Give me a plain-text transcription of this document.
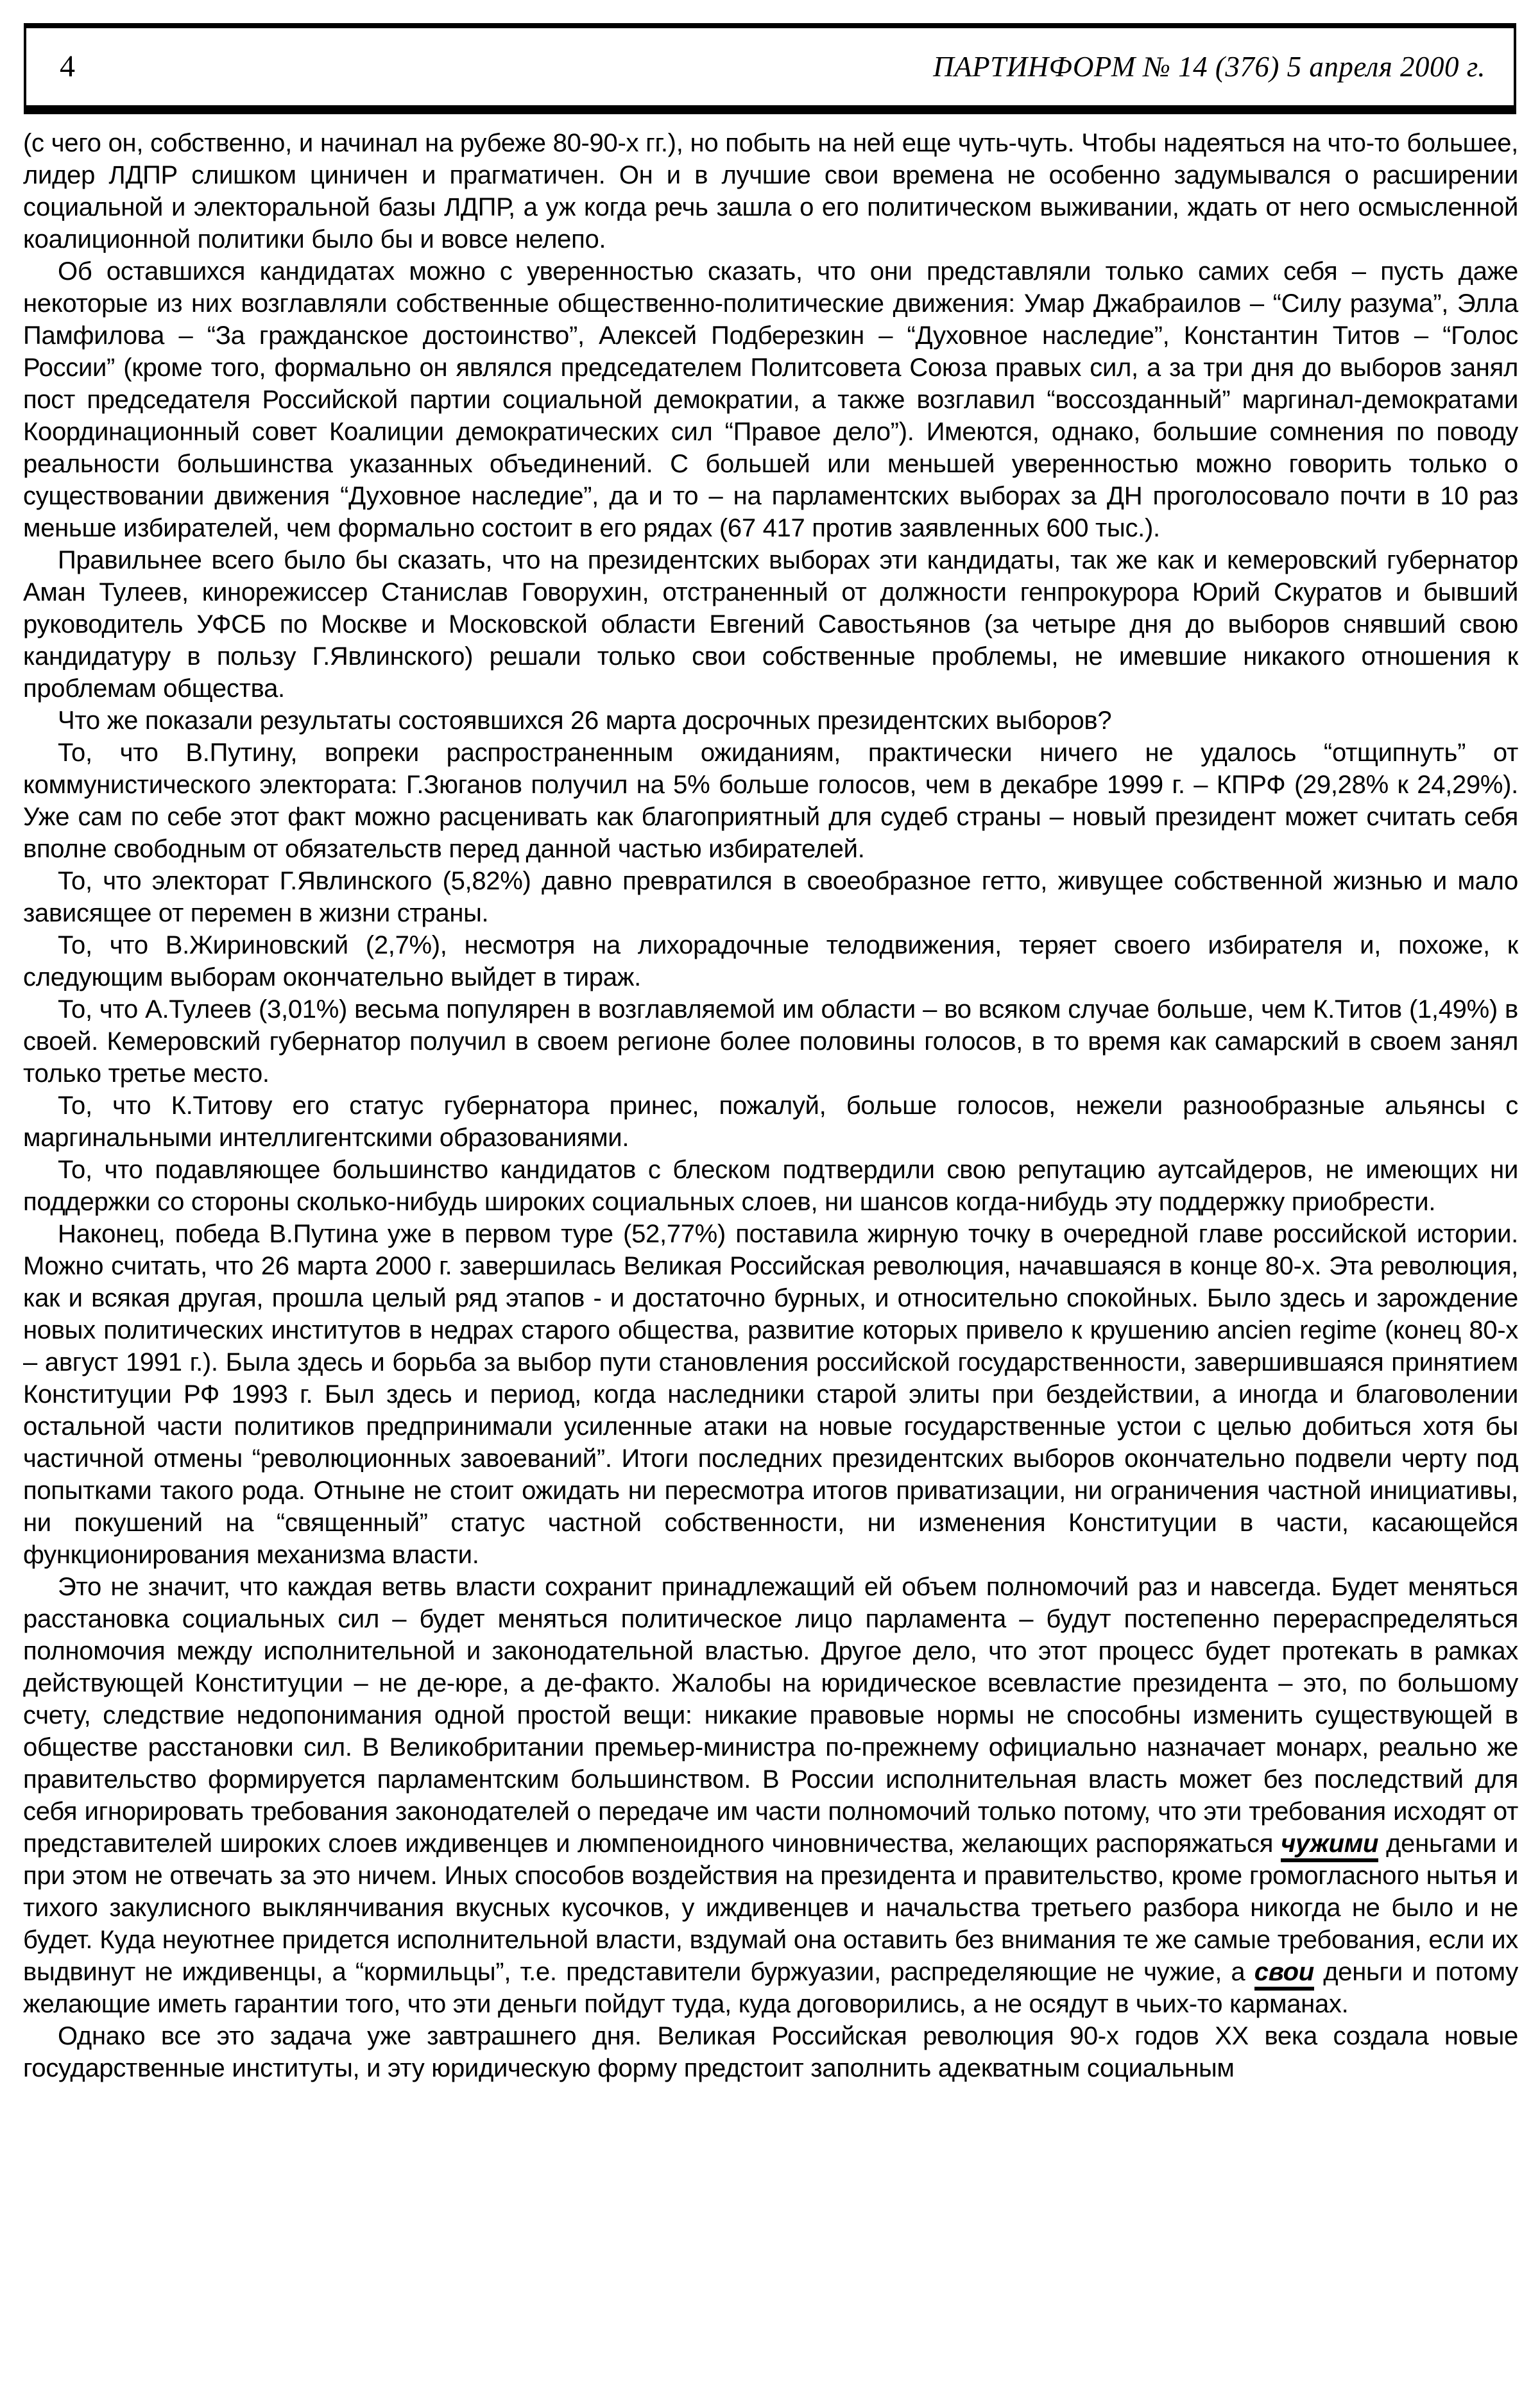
4	ПАРТИНФОРМ № 14 (376) 5 апреля 2000 г.

(с чего он, собственно, и начинал на рубеже 80-90-х гг.), но побыть на ней еще чуть-чуть. Чтобы надеяться на что-то большее, лидер ЛДПР слишком циничен и прагматичен. Он и в лучшие свои времена не особенно задумывался о расширении социальной и электоральной базы ЛДПР, а уж когда речь зашла о его политическом выживании, ждать от него осмысленной коалиционной политики было бы и вовсе нелепо.

Об оставшихся кандидатах можно с уверенностью сказать, что они представляли только самих себя – пусть даже некоторые из них возглавляли собственные общественно-политические движения: Умар Джабраилов – “Силу разума”, Элла Памфилова – “За гражданское достоинство”, Алексей Подберезкин – “Духовное наследие”, Константин Титов – “Голос России” (кроме того, формально он являлся председателем Политсовета Союза правых сил, а за три дня до выборов занял пост председателя Российской партии социальной демократии, а также возглавил “воссозданный” маргинал-демократами Координационный совет Коалиции демократических сил “Правое дело”). Имеются, однако, большие сомнения по поводу реальности большинства указанных объединений. С большей или меньшей уверенностью можно говорить только о существовании движения “Духовное наследие”, да и то – на парламентских выборах за ДН проголосовало почти в 10 раз меньше избирателей, чем формально состоит в его рядах (67 417 против заявленных 600 тыс.).

Правильнее всего было бы сказать, что на президентских выборах эти кандидаты, так же как и кемеровский губернатор Аман Тулеев, кинорежиссер Станислав Говорухин, отстраненный от должности генпрокурора Юрий Скуратов и бывший руководитель УФСБ по Москве и Московской области Евгений Савостьянов (за четыре дня до выборов снявший свою кандидатуру в пользу Г.Явлинского) решали только свои собственные проблемы, не имевшие никакого отношения к проблемам общества.

Что же показали результаты состоявшихся 26 марта досрочных президентских выборов?

То, что В.Путину, вопреки распространенным ожиданиям, практически ничего не удалось “отщипнуть” от коммунистического электората: Г.Зюганов получил на 5% больше голосов, чем в декабре 1999 г. – КПРФ (29,28% к 24,29%). Уже сам по себе этот факт можно расценивать как благоприятный для судеб страны – новый президент может считать себя вполне свободным от обязательств перед данной частью избирателей.

То, что электорат Г.Явлинского (5,82%) давно превратился в своеобразное гетто, живущее собственной жизнью и мало зависящее от перемен в жизни страны.

То, что В.Жириновский (2,7%), несмотря на лихорадочные телодвижения, теряет своего избирателя и, похоже, к следующим выборам окончательно выйдет в тираж.

То, что А.Тулеев (3,01%) весьма популярен в возглавляемой им области – во всяком случае больше, чем К.Титов (1,49%) в своей. Кемеровский губернатор получил в своем регионе более половины голосов, в то время как самарский в своем занял только третье место.

То, что К.Титову его статус губернатора принес, пожалуй, больше голосов, нежели разнообразные альянсы с маргинальными интеллигентскими образованиями.

То, что подавляющее большинство кандидатов с блеском подтвердили свою репутацию аутсайдеров, не имеющих ни поддержки со стороны сколько-нибудь широких социальных слоев, ни шансов когда-нибудь эту поддержку приобрести.

Наконец, победа В.Путина уже в первом туре (52,77%) поставила жирную точку в очередной главе российской истории. Можно считать, что 26 марта 2000 г. завершилась Великая Российская революция, начавшаяся в конце 80-х. Эта революция, как и всякая другая, прошла целый ряд этапов - и достаточно бурных, и относительно спокойных. Было здесь и зарождение новых политических институтов в недрах старого общества, развитие которых привело к крушению ancien regime (конец 80-х – август 1991 г.). Была здесь и борьба за выбор пути становления российской государственности, завершившаяся принятием Конституции РФ 1993 г. Был здесь и период, когда наследники старой элиты при бездействии, а иногда и благоволении остальной части политиков предпринимали усиленные атаки на новые государственные устои с целью добиться хотя бы частичной отмены “революционных завоеваний”. Итоги последних президентских выборов окончательно подвели черту под попытками такого рода. Отныне не стоит ожидать ни пересмотра итогов приватизации, ни ограничения частной инициативы, ни покушений на “священный” статус частной собственности, ни изменения Конституции в части, касающейся функционирования механизма власти.

Это не значит, что каждая ветвь власти сохранит принадлежащий ей объем полномочий раз и навсегда. Будет меняться расстановка социальных сил – будет меняться политическое лицо парламента – будут постепенно перераспределяться полномочия между исполнительной и законодательной властью. Другое дело, что этот процесс будет протекать в рамках действующей Конституции – не де-юре, а де-факто. Жалобы на юридическое всевластие президента – это, по большому счету, следствие недопонимания одной простой вещи: никакие правовые нормы не способны изменить существующей в обществе расстановки сил. В Великобритании премьер-министра по-прежнему официально назначает монарх, реально же правительство формируется парламентским большинством. В России исполнительная власть может без последствий для себя игнорировать требования законодателей о передаче им части полномочий только потому, что эти требования исходят от представителей широких слоев иждивенцев и люмпеноидного чиновничества, желающих распоряжаться чужими деньгами и при этом не отвечать за это ничем. Иных способов воздействия на президента и правительство, кроме громогласного нытья и тихого закулисного выклянчивания вкусных кусочков, у иждивенцев и начальства третьего разбора никогда не было и не будет. Куда неуютнее придется исполнительной власти, вздумай она оставить без внимания те же самые требования, если их выдвинут не иждивенцы, а “кормильцы”, т.е. представители буржуазии, распределяющие не чужие, а свои деньги и потому желающие иметь гарантии того, что эти деньги пойдут туда, куда договорились, а не осядут в чьих-то карманах.

Однако все это задача уже завтрашнего дня. Великая Российская революция 90-х годов XX века создала новые государственные институты, и эту юридическую форму предстоит заполнить адекватным социальным
